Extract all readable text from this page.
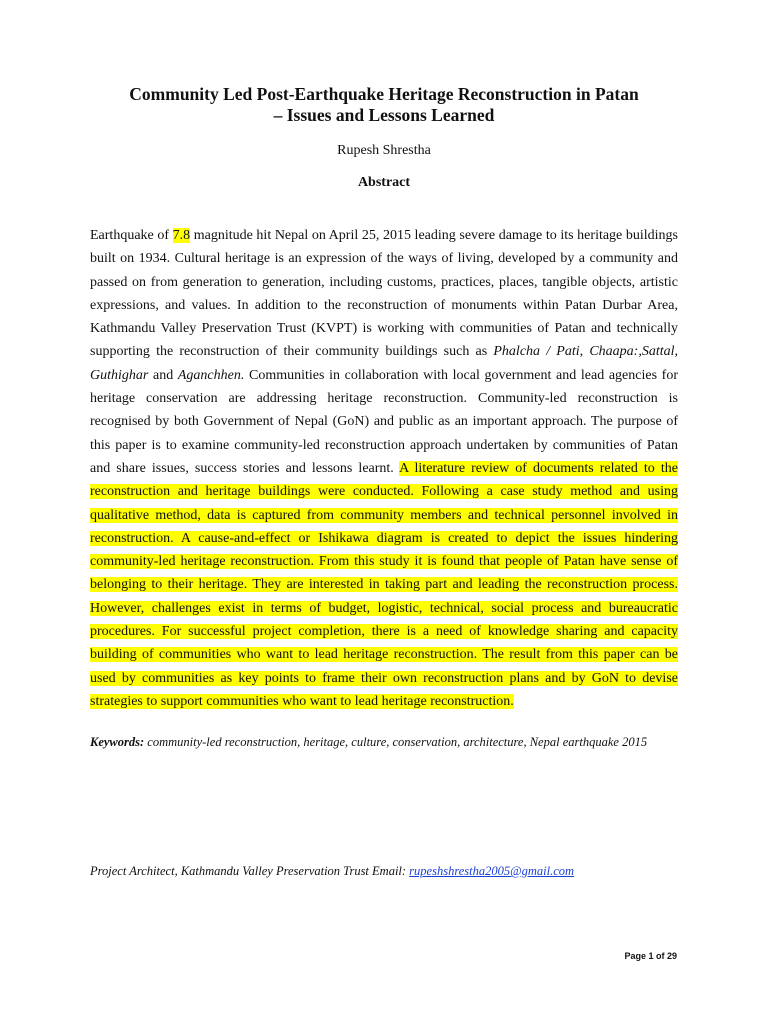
Community Led Post-Earthquake Heritage Reconstruction in Patan
– Issues and Lessons Learned
Rupesh Shrestha
Abstract
Earthquake of 7.8 magnitude hit Nepal on April 25, 2015 leading severe damage to its heritage buildings built on 1934. Cultural heritage is an expression of the ways of living, developed by a community and passed on from generation to generation, including customs, practices, places, tangible objects, artistic expressions, and values. In addition to the reconstruction of monuments within Patan Durbar Area, Kathmandu Valley Preservation Trust (KVPT) is working with communities of Patan and technically supporting the reconstruction of their community buildings such as Phalcha / Pati, Chaapa:,Sattal, Guthighar and Aganchhen. Communities in collaboration with local government and lead agencies for heritage conservation are addressing heritage reconstruction. Community-led reconstruction is recognised by both Government of Nepal (GoN) and public as an important approach. The purpose of this paper is to examine community-led reconstruction approach undertaken by communities of Patan and share issues, success stories and lessons learnt. A literature review of documents related to the reconstruction and heritage buildings were conducted. Following a case study method and using qualitative method, data is captured from community members and technical personnel involved in reconstruction. A cause-and-effect or Ishikawa diagram is created to depict the issues hindering community-led heritage reconstruction. From this study it is found that people of Patan have sense of belonging to their heritage. They are interested in taking part and leading the reconstruction process. However, challenges exist in terms of budget, logistic, technical, social process and bureaucratic procedures. For successful project completion, there is a need of knowledge sharing and capacity building of communities who want to lead heritage reconstruction. The result from this paper can be used by communities as key points to frame their own reconstruction plans and by GoN to devise strategies to support communities who want to lead heritage reconstruction.
Keywords: community-led reconstruction, heritage, culture, conservation, architecture, Nepal earthquake 2015
Project Architect, Kathmandu Valley Preservation Trust Email: rupeshshrestha2005@gmail.com
Page 1 of 29
